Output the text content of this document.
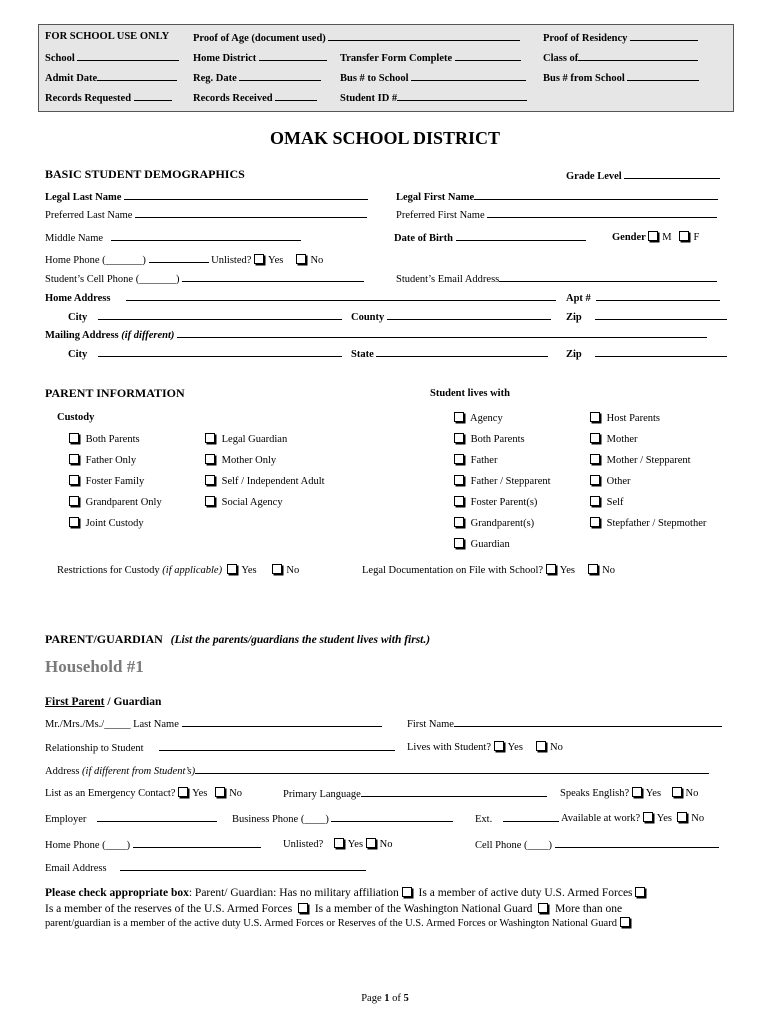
FOR SCHOOL USE ONLY Proof of Age (document used)	Proof of Residency
School	Home District	Transfer Form Complete	Class of
Admit Date	Reg. Date	Bus # to School	Bus # from School
Records Requested	Records Received	Student ID #
OMAK SCHOOL DISTRICT
BASIC STUDENT DEMOGRAPHICS	Grade Level
Legal Last Name	Legal First Name
Preferred Last Name	Preferred First Name
Middle Name	Date of Birth	Gender M F
Home Phone (_______)	Unlisted? Yes	No
Student’s Cell Phone (_______)	Student’s Email Address
Home Address	Apt #
City	County	Zip
Mailing Address (if different)
City	State	Zip
PARENT INFORMATION	Student lives with
Custody
Both Parents
Father Only
Foster Family
Grandparent Only
Joint Custody
Legal Guardian
Mother Only
Self / Independent Adult
Social Agency
Agency
Both Parents
Father
Father / Stepparent
Foster Parent(s)
Grandparent(s)
Guardian
Host Parents
Mother
Mother / Stepparent
Other
Self
Stepfather / Stepmother
Restrictions for Custody (if applicable) Yes	No	Legal Documentation on File with School? Yes	No
PARENT/GUARDIAN (List the parents/guardians the student lives with first.)
Household #1
First Parent / Guardian
Mr./Mrs./Ms./_____ Last Name	First Name
Relationship to Student	Lives with Student? Yes	No
Address (if different from Student’s)
List as an Emergency Contact? Yes No	Primary Language	Speaks English? Yes No
Employer	Business Phone (____)	Ext.	Available at work? Yes No
Home Phone (____)	Unlisted? Yes No	Cell Phone (____)
Email Address
Please check appropriate box: Parent/ Guardian: Has no military affiliation  Is a member of active duty U.S. Armed Forces
Is a member of the reserves of the U.S. Armed Forces   Is a member of the Washington National Guard   More than one
parent/guardian is a member of the active duty U.S. Armed Forces or Reserves of the U.S. Armed Forces or Washington National Guard
Page 1 of 5
